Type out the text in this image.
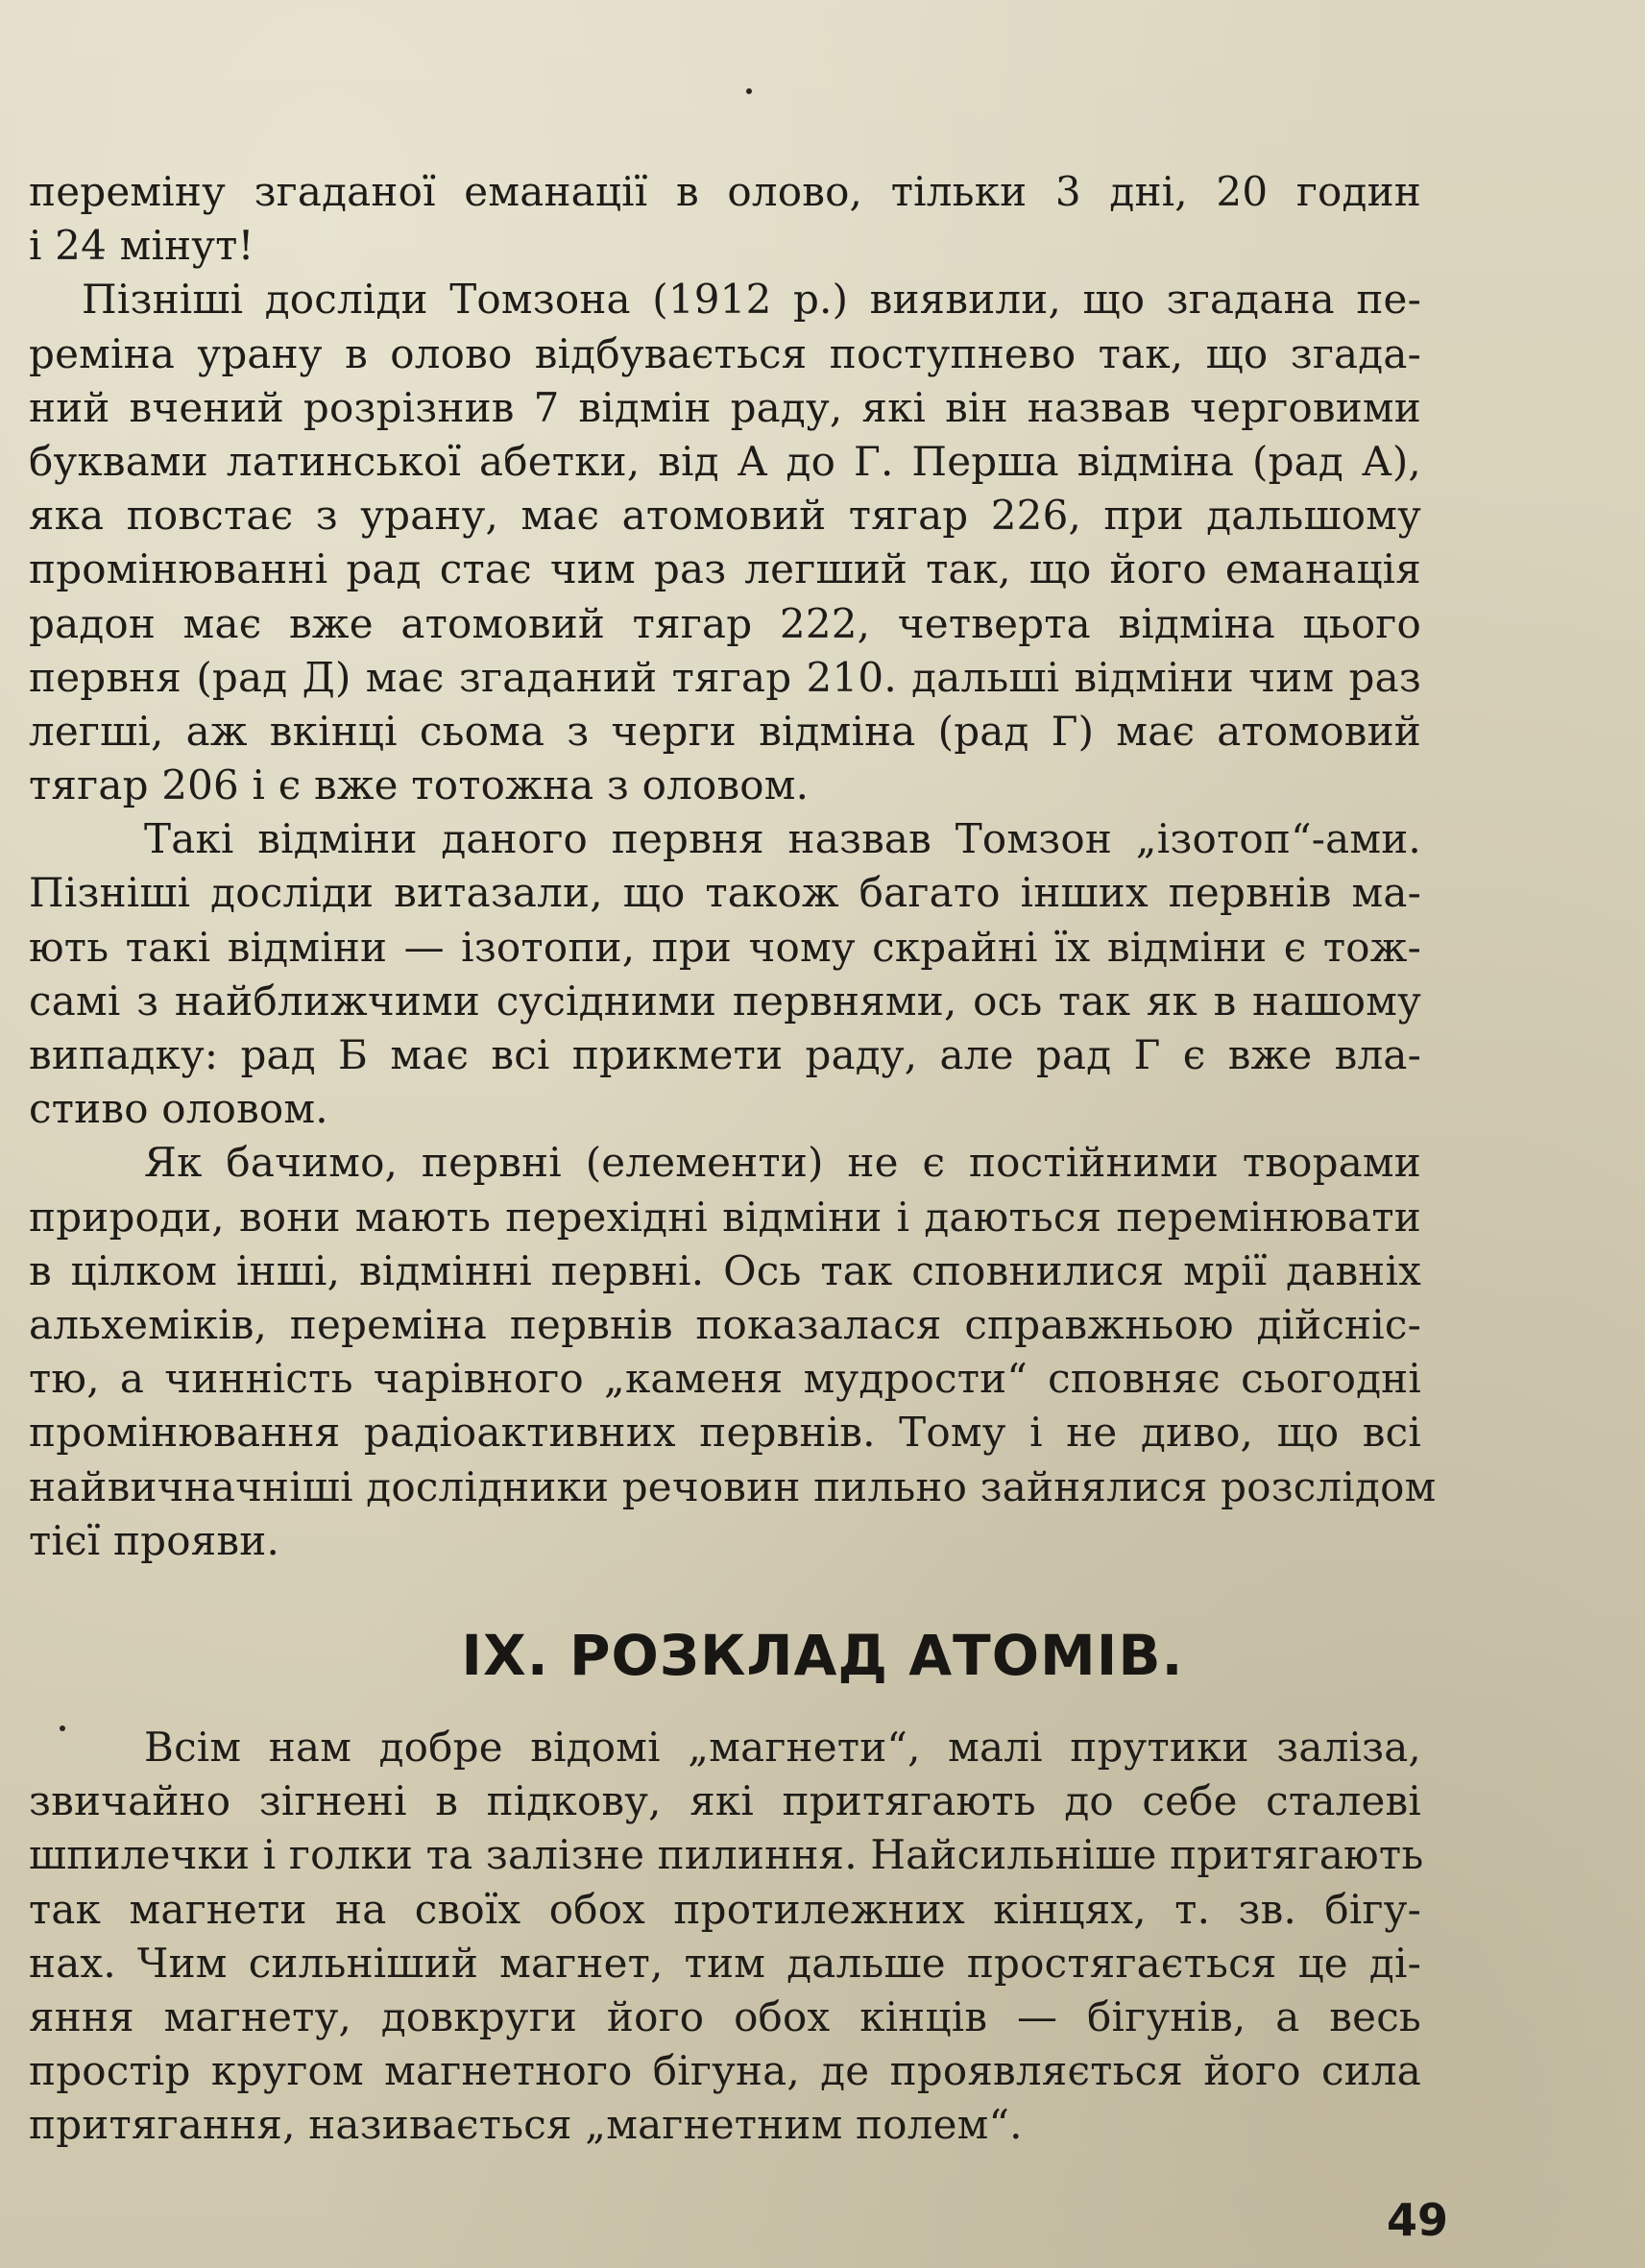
переміну згаданої еманації в олово, тільки 3 дні, 20 годин
і 24 мінут!
Пізніші досліди Томзона (1912 р.) виявили, що згадана пе-
реміна урану в олово відбувається поступнево так, що згада-
ний вчений розрізнив 7 відмін раду, які він назвав черговими
буквами латинської абетки, від А до Г. Перша відміна (рад А),
яка повстає з урану, має атомовий тягар 226, при дальшому
промінюванні рад стає чим раз легший так, що його еманація
радон має вже атомовий тягар 222, четверта відміна цього
первня (рад Д) має згаданий тягар 210. дальші відміни чим раз
легші, аж вкінці сьома з черги відміна (рад Г) має атомовий
тягар 206 і є вже тотожна з оловом.
Такі відміни даного первня назвав Томзон „ізотоп“-ами.
Пізніші досліди витазали, що також багато інших первнів ма-
ють такі відміни — ізотопи, при чому скрайні їх відміни є тож-
самі з найближчими сусідними первнями, ось так як в нашому
випадку: рад Б має всі прикмети раду, але рад Г є вже вла-
стиво оловом.
Як бачимо, первні (елементи) не є постійними творами
природи, вони мають перехідні відміни і даються перемінювати
в цілком інші, відмінні первні. Ось так сповнилися мрії давніх
альхеміків, переміна первнів показалася справжньою дійсніс-
тю, а чинність чарівного „каменя мудрости“ сповняє сьогодні
промінювання радіоактивних первнів. Тому і не диво, що всі
найвичначніші дослідники речовин пильно зайнялися розслідом
тієї прояви.
IX. РОЗКЛАД АТОМІВ.
Всім нам добре відомі „магнети“, малі прутики заліза,
звичайно зігнені в підкову, які притягають до себе сталеві
шпилечки і голки та залізне пилиння. Найсильніше притягають
так магнети на своїх обох протилежних кінцях, т. зв. бігу-
нах. Чим сильніший магнет, тим дальше простягається це ді-
яння магнету, довкруги його обох кінців — бігунів, а весь
простір кругом магнетного бігуна, де проявляється його сила
притягання, називається „магнетним полем“.
49
